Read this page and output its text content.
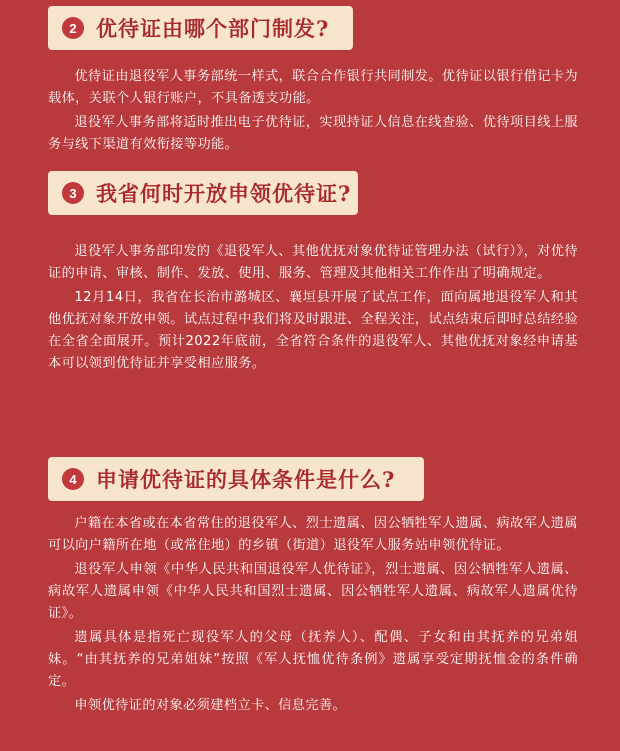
2 优待证由哪个部门制发?

优待证由退役军人事务部统一样式，联合合作银行共同制发。优待证以银行借记卡为载体，关联个人银行账户，不具备透支功能。

退役军人事务部将适时推出电子优待证，实现持证人信息在线查验、优待项目线上服务与线下渠道有效衔接等功能。

3 我省何时开放申领优待证?

退役军人事务部印发的《退役军人、其他优抚对象优待证管理办法（试行）》，对优待证的申请、审核、制作、发放、使用、服务、管理及其他相关工作作出了明确规定。

12月14日，我省在长治市潞城区、襄垣县开展了试点工作，面向属地退役军人和其他优抚对象开放申领。试点过程中我们将及时跟进、全程关注，试点结束后即时总结经验在全省全面展开。预计2022年底前，全省符合条件的退役军人、其他优抚对象经申请基本可以领到优待证并享受相应服务。

4 申请优待证的具体条件是什么?

户籍在本省或在本省常住的退役军人、烈士遗属、因公牺牲军人遗属、病故军人遗属可以向户籍所在地（或常住地）的乡镇（街道）退役军人服务站申领优待证。

退役军人申领《中华人民共和国退役军人优待证》，烈士遗属、因公牺牲军人遗属、病故军人遗属申领《中华人民共和国烈士遗属、因公牺牲军人遗属、病故军人遗属优待证》。

遗属具体是指死亡现役军人的父母（抚养人）、配偶、子女和由其抚养的兄弟姐妹。“由其抚养的兄弟姐妹”按照《军人抚恤优待条例》遗属享受定期抚恤金的条件确定。

申领优待证的对象必须建档立卡、信息完善。
